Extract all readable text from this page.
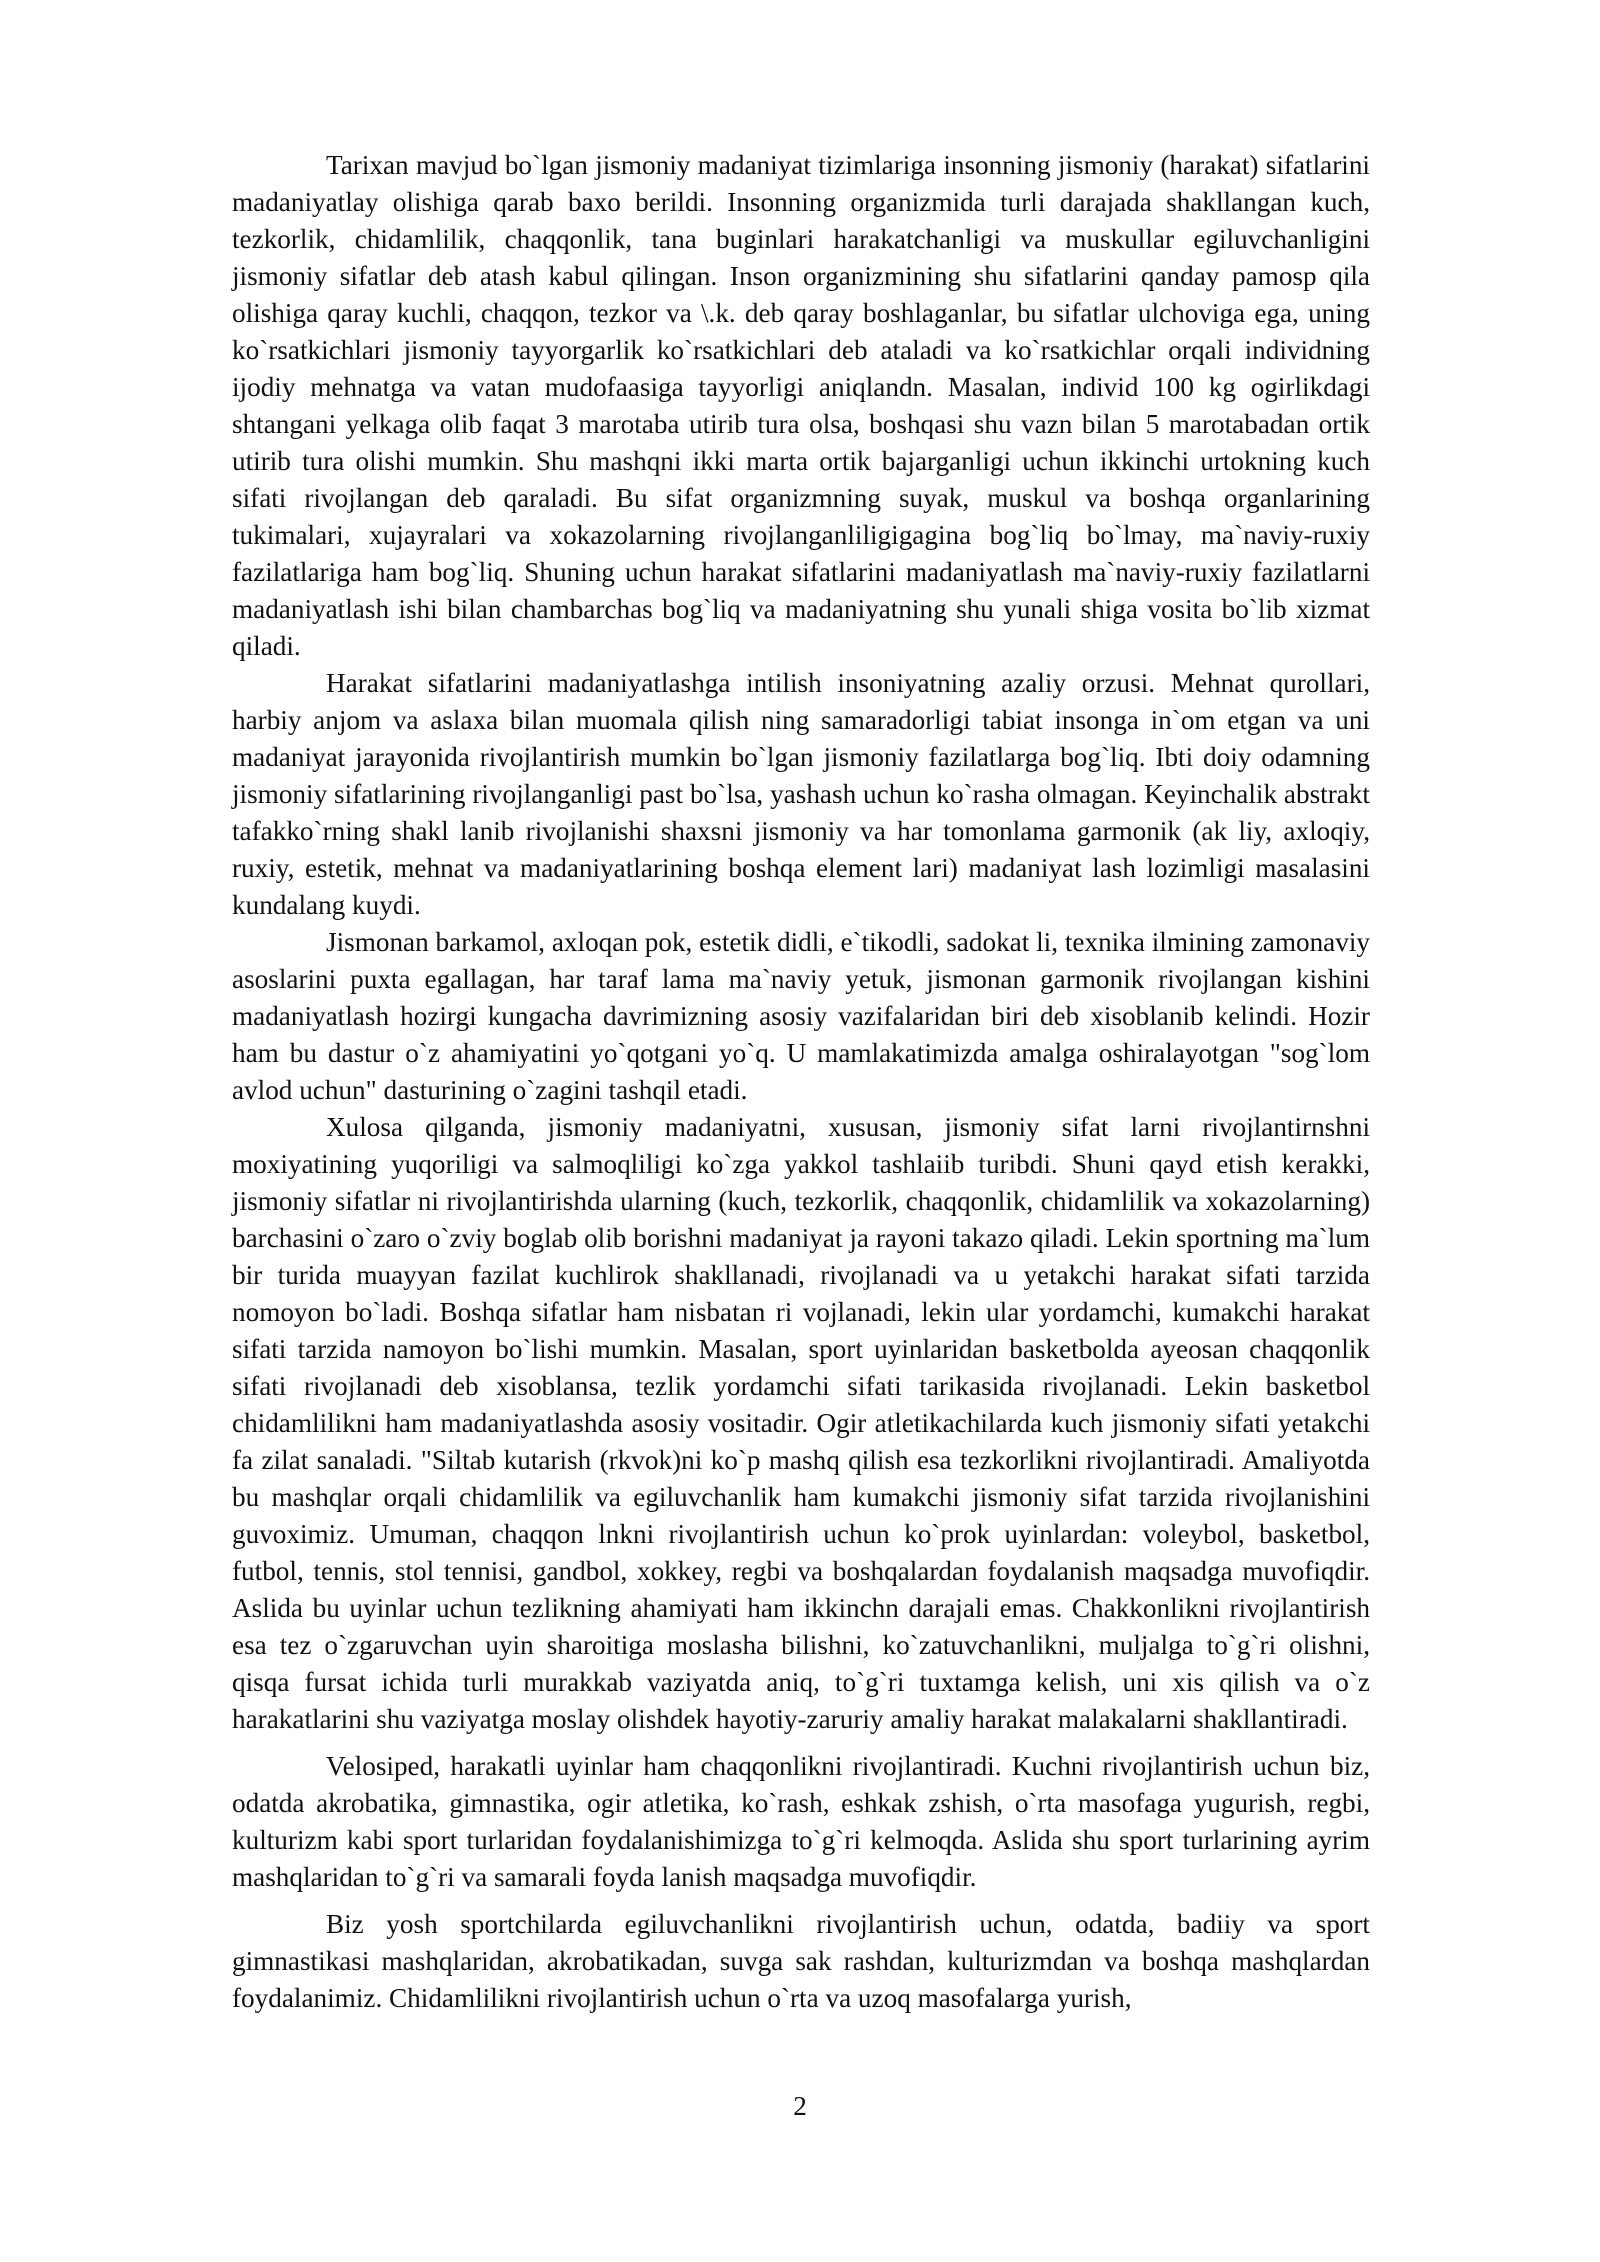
Tarixan mavjud bo`lgan jismoniy madaniyat tizimlariga insonning jismoniy (harakat) sifatlarini madaniyatlay olishiga qarab baxo berildi. Insonning organizmida turli darajada shakllangan kuch, tezkorlik, chidamlilik, chaqqonlik, tana buginlari harakatchanligi va muskullar egiluvchanligini jismoniy sifatlar deb atash kabul qilingan. Inson organizmining shu sifatlarini qanday pamosp qila olishiga qaray kuchli, chaqqon, tezkor va \.k. deb qaray boshlaganlar, bu sifatlar ulchoviga ega, uning ko`rsatkichlari jismoniy tayyorgarlik ko`rsatkichlari deb ataladi va ko`rsatkichlar orqali individning ijodiy mehnatga va vatan mudofaasiga tayyorligi aniqlandn. Masalan, individ 100 kg ogirlikdagi shtangani yelkaga olib faqat 3 marotaba utirib tura olsa, boshqasi shu vazn bilan 5 marotabadan ortik utirib tura olishi mumkin. Shu mashqni ikki marta ortik bajarganligi uchun ikkinchi urtokning kuch sifati rivojlangan deb qaraladi. Bu sifat organizmning suyak, muskul va boshqa organlarining tukimalari, xujayralari va xokazolarning rivojlanganliligigagina bog`liq bo`lmay, ma`naviy-ruxiy fazilatlariga ham bog`liq. Shuning uchun harakat sifatlarini madaniyatlash ma`naviy-ruxiy fazilatlarni madaniyatlash ishi bilan chambarchas bog`liq va madaniyatning shu yunali shiga vosita bo`lib xizmat qiladi.

Harakat sifatlarini madaniyatlashga intilish insoniyatning azaliy orzusi. Mehnat qurollari, harbiy anjom va aslaxa bilan muomala qilish ning samaradorligi tabiat insonga in`om etgan va uni madaniyat jarayonida rivojlantirish mumkin bo`lgan jismoniy fazilatlarga bog`liq. Ibti doiy odamning jismoniy sifatlarining rivojlanganligi past bo`lsa, yashash uchun ko`rasha olmagan. Keyinchalik abstrakt tafakko`rning shakl lanib rivojlanishi shaxsni jismoniy va har tomonlama garmonik (ak liy, axloqiy, ruxiy, estetik, mehnat va madaniyatlarining boshqa element lari) madaniyat lash lozimligi masalasini kundalang kuydi.

Jismonan barkamol, axloqan pok, estetik didli, e`tikodli, sadokat li, texnika ilmining zamonaviy asoslarini puxta egallagan, har taraf lama ma`naviy yetuk, jismonan garmonik rivojlangan kishini madaniyatlash hozirgi kungacha davrimizning asosiy vazifalaridan biri deb xisoblanib kelindi. Hozir ham bu dastur o`z ahamiyatini yo`qotgani yo`q. U mamlakatimizda amalga oshiralayotgan "sog`lom avlod uchun" dasturining o`zagini tashqil etadi.

Xulosa qilganda, jismoniy madaniyatni, xususan, jismoniy sifat larni rivojlantirnshni moxiyatining yuqoriligi va salmoqliligi ko`zga yakkol tashlaiib turibdi. Shuni qayd etish kerakki, jismoniy sifatlar ni rivojlantirishda ularning (kuch, tezkorlik, chaqqonlik, chidamlilik va xokazolarning) barchasini o`zaro o`zviy boglab olib borishni madaniyat ja rayoni takazo qiladi. Lekin sportning ma`lum bir turida muayyan fazilat kuchlirok shakllanadi, rivojlanadi va u yetakchi harakat sifati tarzida nomoyon bo`ladi. Boshqa sifatlar ham nisbatan ri vojlanadi, lekin ular yordamchi, kumakchi harakat sifati tarzida namoyon bo`lishi mumkin. Masalan, sport uyinlaridan basketbolda ayeosan chaqqonlik sifati rivojlanadi deb xisoblansa, tezlik yordamchi sifati tarikasida rivojlanadi. Lekin basketbol chidamlilikni ham madaniyatlashda asosiy vositadir. Ogir atletikachilarda kuch jismoniy sifati yetakchi fa zilat sanaladi. "Siltab kutarish (rkvok)ni ko`p mashq qilish esa tezkorlikni rivojlantiradi. Amaliyotda bu mashqlar orqali chidamlilik va egiluvchanlik ham kumakchi jismoniy sifat tarzida rivojlanishini guvoximiz. Umuman, chaqqon lnkni rivojlantirish uchun ko`prok uyinlardan: voleybol, basketbol, futbol, tennis, stol tennisi, gandbol, xokkey, regbi va boshqalardan foydalanish maqsadga muvofiqdir. Aslida bu uyinlar uchun tezlikning ahamiyati ham ikkinchn darajali emas. Chakkonlikni rivojlantirish esa tez o`zgaruvchan uyin sharoitiga moslasha bilishni, ko`zatuvchanlikni, muljalga to`g`ri olishni, qisqa fursat ichida turli murakkab vaziyatda aniq, to`g`ri tuxtamga kelish, uni xis qilish va o`z harakatlarini shu vaziyatga moslay olishdek hayotiy-zaruriy amaliy harakat malakalarni shakllantiradi.

Velosiped, harakatli uyinlar ham chaqqonlikni rivojlantiradi. Kuchni rivojlantirish uchun biz, odatda akrobatika, gimnastika, ogir atletika, ko`rash, eshkak zshish, o`rta masofaga yugurish, regbi, kulturizm kabi sport turlaridan foydalanishimizga to`g`ri kelmoqda. Aslida shu sport turlarining ayrim mashqlaridan to`g`ri va samarali foyda lanish maqsadga muvofiqdir.

Biz yosh sportchilarda egiluvchanlikni rivojlantirish uchun, odatda, badiiy va sport gimnastikasi mashqlaridan, akrobatikadan, suvga sak rashdan, kulturizmdan va boshqa mashqlardan foydalanimiz. Chidamlilikni rivojlantirish uchun o`rta va uzoq masofalarga yurish,

2
